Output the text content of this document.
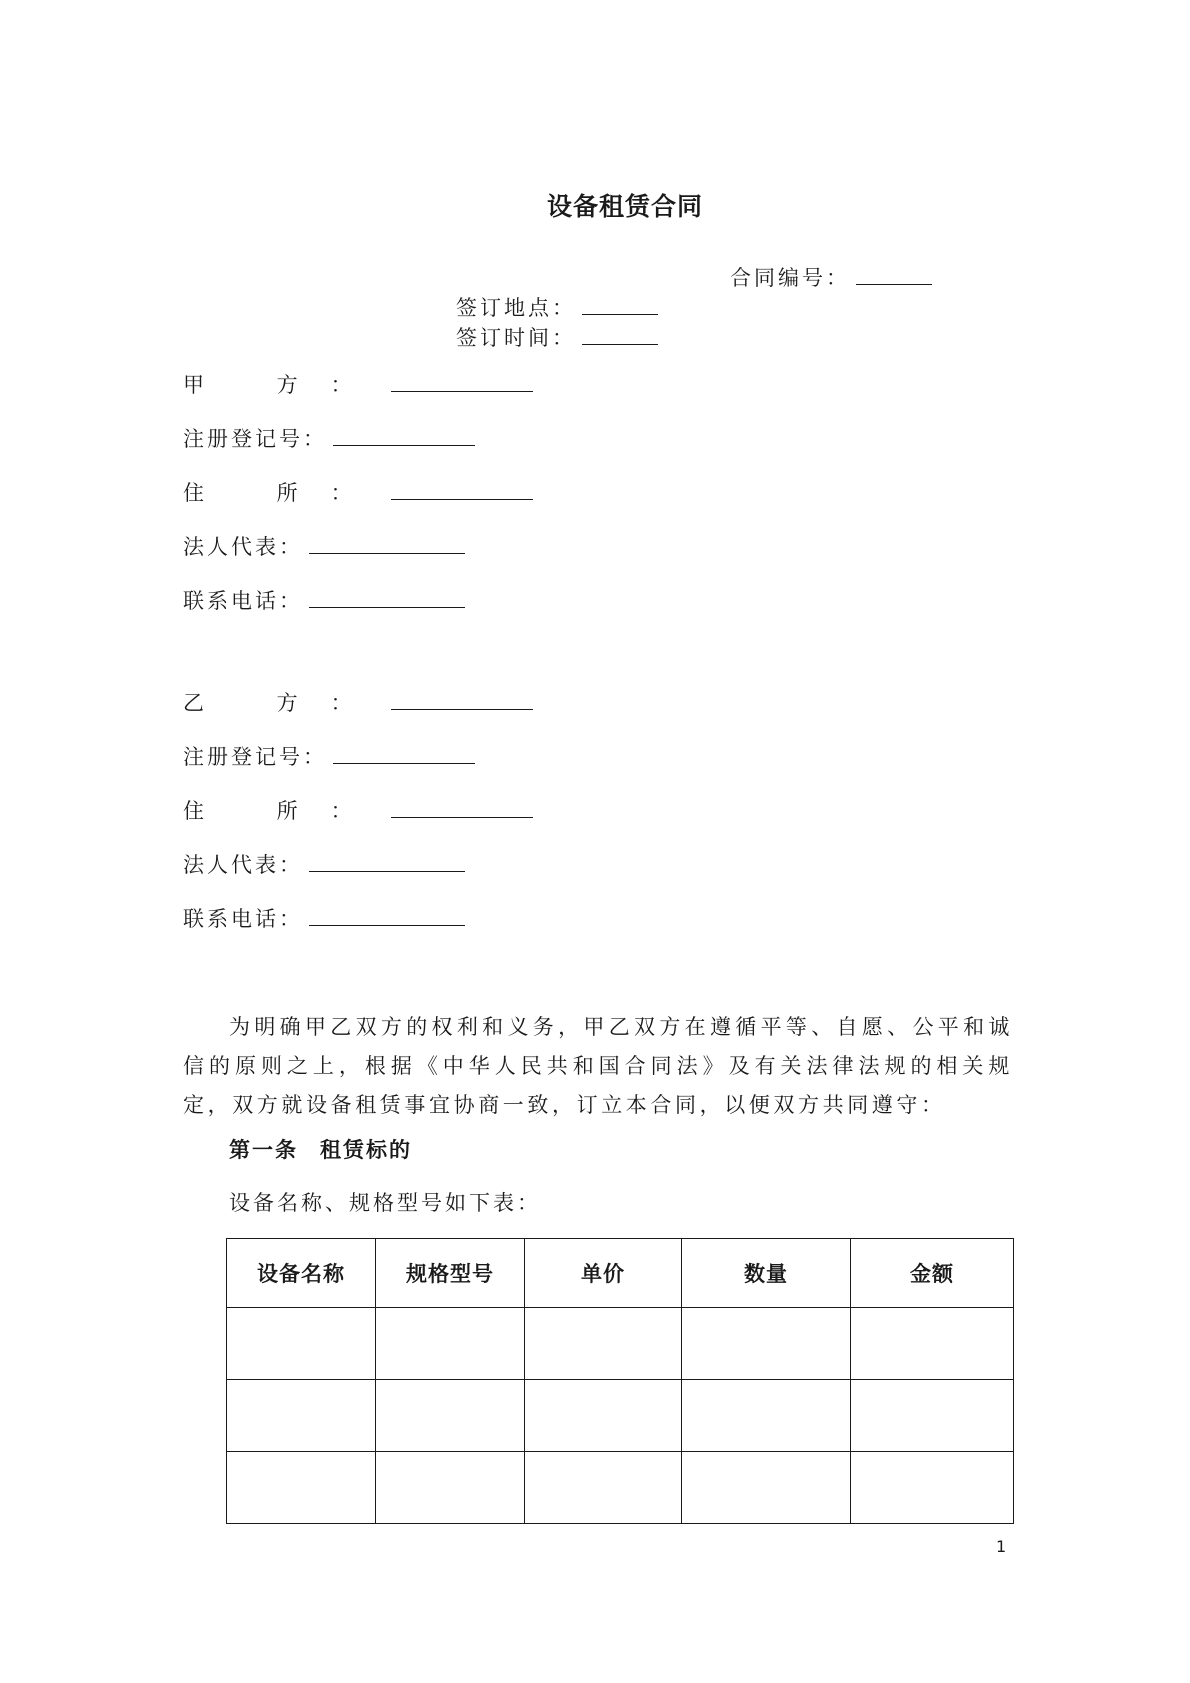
设备租赁合同
合同编号：
签订地点：
签订时间：
甲 方：
注册登记号：
住 所：
法人代表：
联系电话：
乙 方：
注册登记号：
住 所：
法人代表：
联系电话：
为明确甲乙双方的权利和义务，甲乙双方在遵循平等、自愿、公平和诚信的原则之上，根据《中华人民共和国合同法》及有关法律法规的相关规定，双方就设备租赁事宜协商一致，订立本合同，以便双方共同遵守：
第一条 租赁标的
设备名称、规格型号如下表：
设备名称	规格型号	单价	数量	金额

1
